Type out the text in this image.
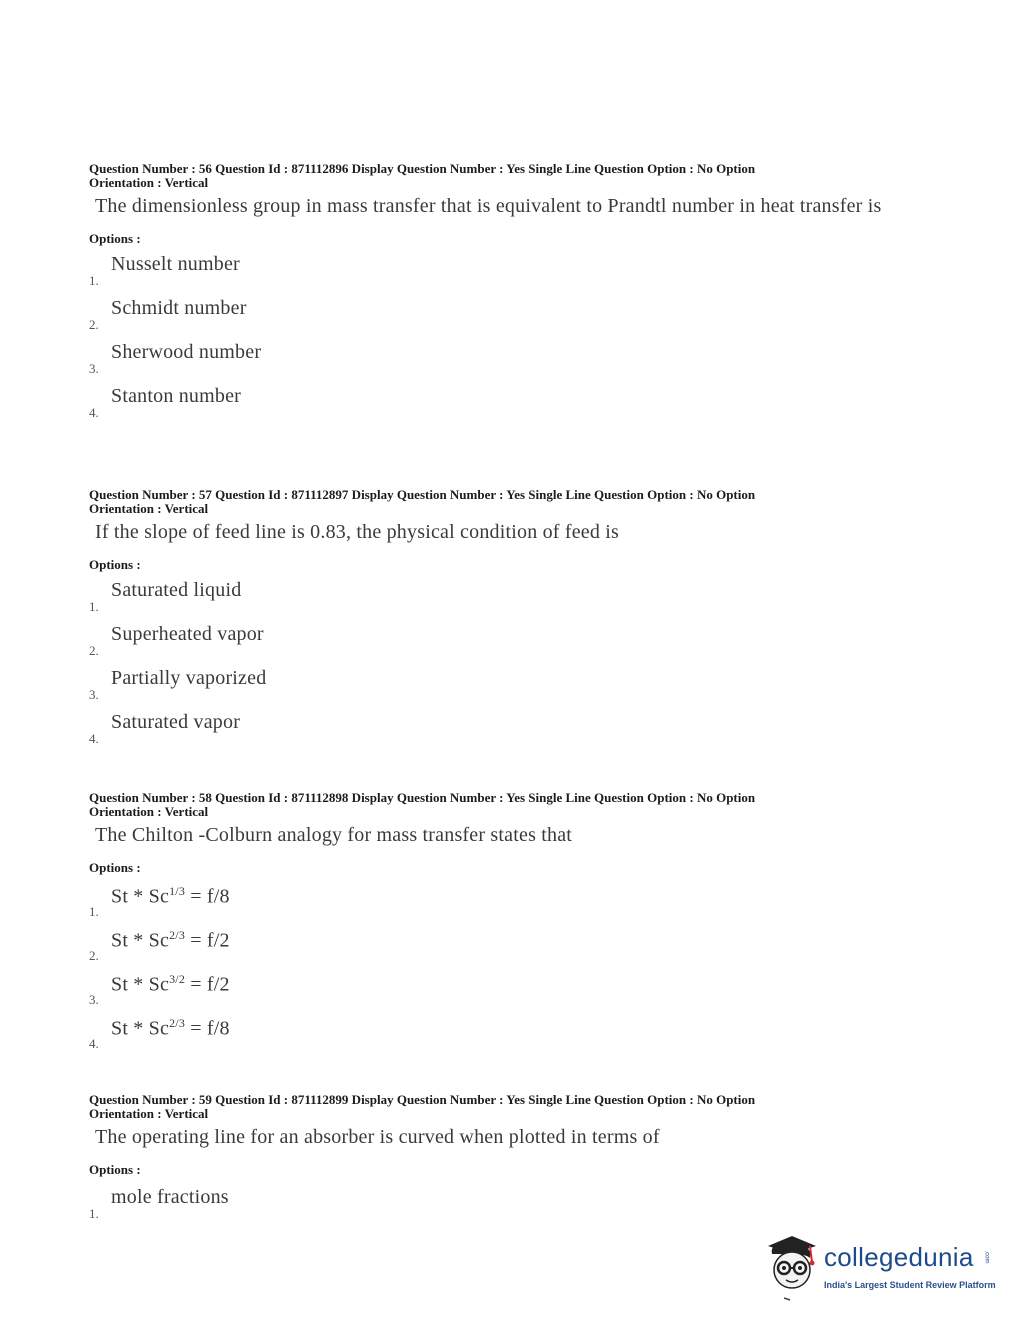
Question Number : 56 Question Id : 871112896 Display Question Number : Yes Single Line Question Option : No Option
Orientation : Vertical
The dimensionless group in mass transfer that is equivalent to Prandtl number in heat transfer is
Options :
Nusselt number
1.
Schmidt number
2.
Sherwood number
3.
Stanton number
4.
Question Number : 57 Question Id : 871112897 Display Question Number : Yes Single Line Question Option : No Option
Orientation : Vertical
If the slope of feed line is 0.83, the physical condition of feed is
Options :
Saturated liquid
1.
Superheated vapor
2.
Partially vaporized
3.
Saturated vapor
4.
Question Number : 58 Question Id : 871112898 Display Question Number : Yes Single Line Question Option : No Option
Orientation : Vertical
The Chilton -Colburn analogy for mass transfer states that
Options :
$St * Sc^{1/3} = f/8$
1.
$St * Sc^{2/3} = f/2$
2.
$St * Sc^{3/2} = f/2$
3.
$St * Sc^{2/3} = f/8$
4.
Question Number : 59 Question Id : 871112899 Display Question Number : Yes Single Line Question Option : No Option
Orientation : Vertical
The operating line for an absorber is curved when plotted in terms of
Options :
mole fractions
1.
collegedunia .com
India's Largest Student Review Platform
